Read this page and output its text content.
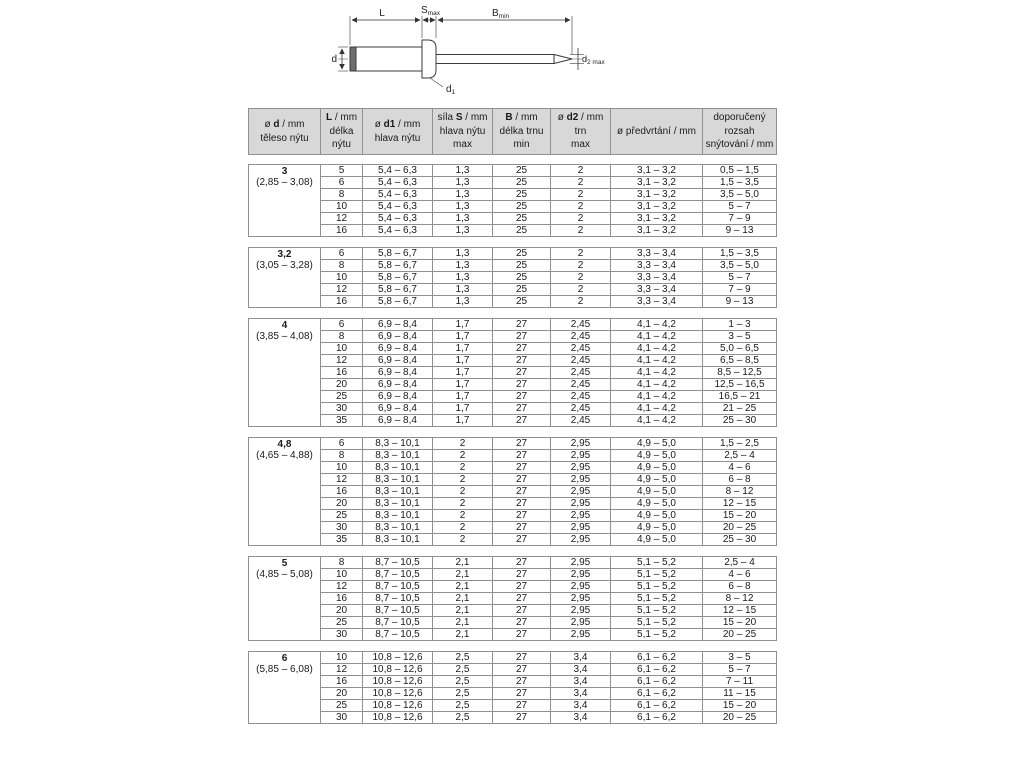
L	$S_{max}$	$B_{min}$
d
$d_1$
$d_{2 max}$
ø d / mm
těleso nýtu

L / mm
délka nýtu

ø d1 / mm
hlava nýtu

síla S / mm
hlava nýtu
max

B / mm
délka trnu
min

ø d2 / mm
trn
max

ø předvrtání / mm

doporučený
rozsah
snýtování / mm
3
(2,85 – 3,08)	5	5,4 – 6,3	1,3	25	2	3,1 – 3,2	0,5 – 1,5
	6	5,4 – 6,3	1,3	25	2	3,1 – 3,2	1,5 – 3,5
	8	5,4 – 6,3	1,3	25	2	3,1 – 3,2	3,5 – 5,0
	10	5,4 – 6,3	1,3	25	2	3,1 – 3,2	5 – 7
	12	5,4 – 6,3	1,3	25	2	3,1 – 3,2	7 – 9
	16	5,4 – 6,3	1,3	25	2	3,1 – 3,2	9 – 13
3,2
(3,05 – 3,28)	6	5,8 – 6,7	1,3	25	2	3,3 – 3,4	1,5 – 3,5
	8	5,8 – 6,7	1,3	25	2	3,3 – 3,4	3,5 – 5,0
	10	5,8 – 6,7	1,3	25	2	3,3 – 3,4	5 – 7
	12	5,8 – 6,7	1,3	25	2	3,3 – 3,4	7 – 9
	16	5,8 – 6,7	1,3	25	2	3,3 – 3,4	9 – 13
4
(3,85 – 4,08)	6	6,9 – 8,4	1,7	27	2,45	4,1 – 4,2	1 – 3
	8	6,9 – 8,4	1,7	27	2,45	4,1 – 4,2	3 – 5
	10	6,9 – 8,4	1,7	27	2,45	4,1 – 4,2	5,0 – 6,5
	12	6,9 – 8,4	1,7	27	2,45	4,1 – 4,2	6,5 – 8,5
	16	6,9 – 8,4	1,7	27	2,45	4,1 – 4,2	8,5 – 12,5
	20	6,9 – 8,4	1,7	27	2,45	4,1 – 4,2	12,5 – 16,5
	25	6,9 – 8,4	1,7	27	2,45	4,1 – 4,2	16,5 – 21
	30	6,9 – 8,4	1,7	27	2,45	4,1 – 4,2	21 – 25
	35	6,9 – 8,4	1,7	27	2,45	4,1 – 4,2	25 – 30
4,8
(4,65 – 4,88)	6	8,3 – 10,1	2	27	2,95	4,9 – 5,0	1,5 – 2,5
	8	8,3 – 10,1	2	27	2,95	4,9 – 5,0	2,5 – 4
	10	8,3 – 10,1	2	27	2,95	4,9 – 5,0	4 – 6
	12	8,3 – 10,1	2	27	2,95	4,9 – 5,0	6 – 8
	16	8,3 – 10,1	2	27	2,95	4,9 – 5,0	8 – 12
	20	8,3 – 10,1	2	27	2,95	4,9 – 5,0	12 – 15
	25	8,3 – 10,1	2	27	2,95	4,9 – 5,0	15 – 20
	30	8,3 – 10,1	2	27	2,95	4,9 – 5,0	20 – 25
	35	8,3 – 10,1	2	27	2,95	4,9 – 5,0	25 – 30
5
(4,85 – 5,08)	8	8,7 – 10,5	2,1	27	2,95	5,1 – 5,2	2,5 – 4
	10	8,7 – 10,5	2,1	27	2,95	5,1 – 5,2	4 – 6
	12	8,7 – 10,5	2,1	27	2,95	5,1 – 5,2	6 – 8
	16	8,7 – 10,5	2,1	27	2,95	5,1 – 5,2	8 – 12
	20	8,7 – 10,5	2,1	27	2,95	5,1 – 5,2	12 – 15
	25	8,7 – 10,5	2,1	27	2,95	5,1 – 5,2	15 – 20
	30	8,7 – 10,5	2,1	27	2,95	5,1 – 5,2	20 – 25
6
(5,85 – 6,08)	10	10,8 – 12,6	2,5	27	3,4	6,1 – 6,2	3 – 5
	12	10,8 – 12,6	2,5	27	3,4	6,1 – 6,2	5 – 7
	16	10,8 – 12,6	2,5	27	3,4	6,1 – 6,2	7 – 11
	20	10,8 – 12,6	2,5	27	3,4	6,1 – 6,2	11 – 15
	25	10,8 – 12,6	2,5	27	3,4	6,1 – 6,2	15 – 20
	30	10,8 – 12,6	2,5	27	3,4	6,1 – 6,2	20 – 25
